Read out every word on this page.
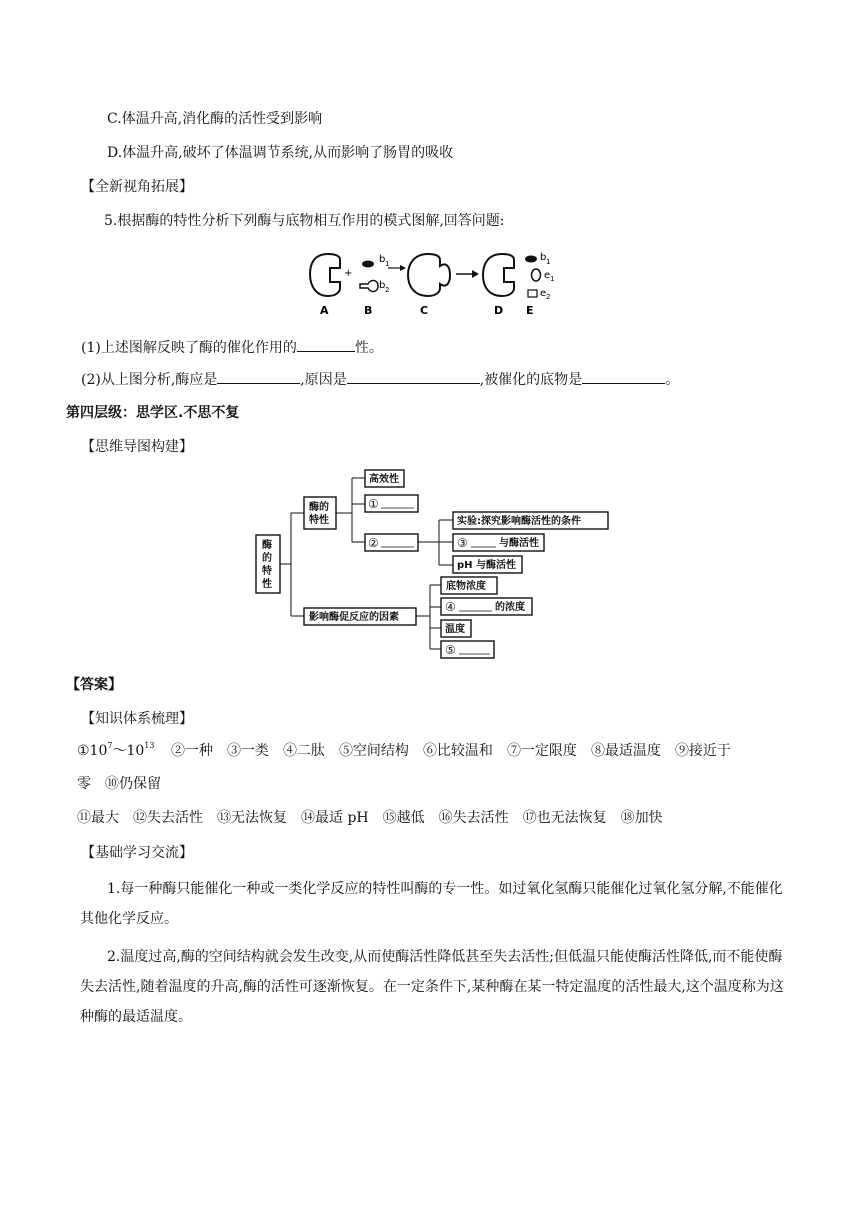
C.体温升高,消化酶的活性受到影响
D.体温升高,破坏了体温调节系统,从而影响了肠胃的吸收
【全新视角拓展】
5.根据酶的特性分析下列酶与底物相互作用的模式图解,回答问题:
+
b 1
b 2
b 1
e 1
e 2
A	B	C	D E
(1)上述图解反映了酶的催化作用的	性。
(2)从上图分析,酶应是	,原因是	,被催化的底物是	。
第四层级：思学区.不思不复
【思维导图构建】
酶
的
特
性
酶的
特性
高效性
①
②
实验:探究影响酶活性的条件
③	与酶活性
pH 与酶活性
影响酶促反应的因素
底物浓度
④	的浓度
温度
⑤
【答案】
【知识体系梳理】
$①10^7\sim 10^{13}$ ②一种 ③一类 ④二肽 ⑤空间结构 ⑥比较温和 ⑦一定限度 ⑧最适温度 ⑨接近于
零　⑩仍保留
⑪最大 ⑫失去活性 ⑬无法恢复 ⑭最适 pH ⑮越低 ⑯失去活性 ⑰也无法恢复 ⑱加快
【基础学习交流】
1.每一种酶只能催化一种或一类化学反应的特性叫酶的专一性。如过氧化氢酶只能催化过氧化氢分解,不能催化其他化学反应。
2.温度过高,酶的空间结构就会发生改变,从而使酶活性降低甚至失去活性;但低温只能使酶活性降低,而不能使酶失去活性,随着温度的升高,酶的活性可逐渐恢复。在一定条件下,某种酶在某一特定温度的活性最大,这个温度称为这种酶的最适温度。
